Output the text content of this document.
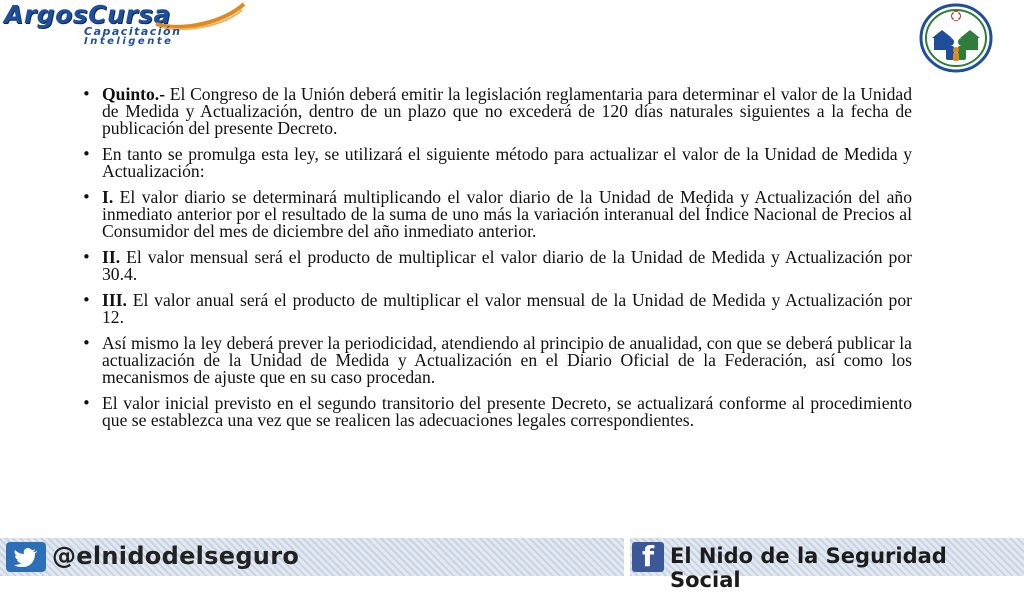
ArgosCursa
Capacitación
Inteligente
• Quinto.- El Congreso de la Unión deberá emitir la legislación reglamentaria para determinar el valor de la Unidad de Medida y Actualización, dentro de un plazo que no excederá de 120 días naturales siguientes a la fecha de publicación del presente Decreto.
• En tanto se promulga esta ley, se utilizará el siguiente método para actualizar el valor de la Unidad de Medida y Actualización:
• I. El valor diario se determinará multiplicando el valor diario de la Unidad de Medida y Actualización del año inmediato anterior por el resultado de la suma de uno más la variación interanual del Índice Nacional de Precios al Consumidor del mes de diciembre del año inmediato anterior.
• II. El valor mensual será el producto de multiplicar el valor diario de la Unidad de Medida y Actualización por 30.4.
• III. El valor anual será el producto de multiplicar el valor mensual de la Unidad de Medida y Actualización por 12.
• Así mismo la ley deberá prever la periodicidad, atendiendo al principio de anualidad, con que se deberá publicar la actualización de la Unidad de Medida y Actualización en el Diario Oficial de la Federación, así como los mecanismos de ajuste que en su caso procedan.
• El valor inicial previsto en el segundo transitorio del presente Decreto, se actualizará conforme al procedimiento que se establezca una vez que se realicen las adecuaciones legales correspondientes.
@elnidodelseguro	f El Nido de la Seguridad Social
